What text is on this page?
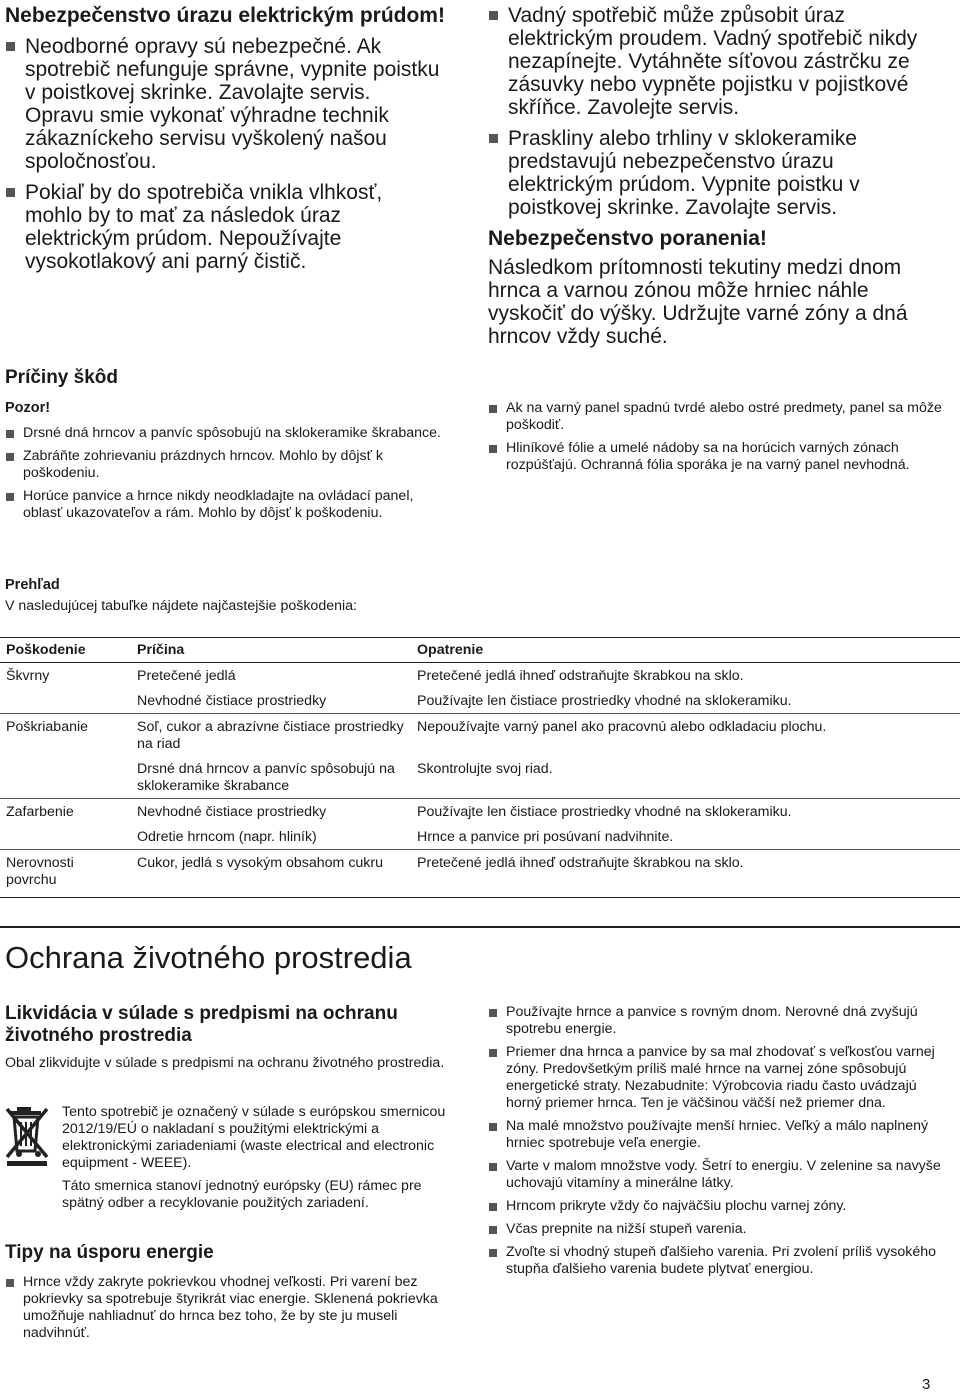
Nebezpečenstvo úrazu elektrickým prúdom!
Neodborné opravy sú nebezpečné. Ak spotrebič nefunguje správne, vypnite poistku v poistkovej skrinke. Zavolajte servis. Opravu smie vykonať výhradne technik zákazníckeho servisu vyškolený našou spoločnosťou.
Pokiaľ by do spotrebiča vnikla vlhkosť, mohlo by to mať za následok úraz elektrickým prúdom. Nepoužívajte vysokotlakový ani parný čistič.
Vadný spotřebič může způsobit úraz elektrickým proudem. Vadný spotřebič nikdy nezapínejte. Vytáhněte síťovou zástrčku ze zásuvky nebo vypněte pojistku v pojistkové skříňce. Zavolejte servis.
Praskliny alebo trhliny v sklokeramike predstavujú nebezpečenstvo úrazu elektrickým prúdom. Vypnite poistku v poistkovej skrinke. Zavolajte servis.
Nebezpečenstvo poranenia!

Následkom prítomnosti tekutiny medzi dnom hrnca a varnou zónou môže hrniec náhle vyskočiť do výšky. Udržujte varné zóny a dná hrncov vždy suché.

Príčiny škôd
Pozor!
Drsné dná hrncov a panvíc spôsobujú na sklokeramike škrabance.
Zabráňte zohrievaniu prázdnych hrncov. Mohlo by dôjsť k poškodeniu.
Horúce panvice a hrnce nikdy neodkladajte na ovládací panel, oblasť ukazovateľov a rám. Mohlo by dôjsť k poškodeniu.
Ak na varný panel spadnú tvrdé alebo ostré predmety, panel sa môže poškodiť.
Hliníkové fólie a umelé nádoby sa na horúcich varných zónach rozpúšťajú. Ochranná fólia sporáka je na varný panel nevhodná.
Prehľad

V nasledujúcej tabuľke nájdete najčastejšie poškodenia:

Poškodenie	Príčina	Opatrenie
Škvrny	Pretečené jedlá	Pretečené jedlá ihneď odstraňujte škrabkou na sklo.
	Nevhodné čistiace prostriedky	Používajte len čistiace prostriedky vhodné na sklokeramiku.
Poškriabanie	Soľ, cukor a abrazívne čistiace prostriedky na riad	Nepoužívajte varný panel ako pracovnú alebo odkladaciu plochu.
	Drsné dná hrncov a panvíc spôsobujú na sklokeramike škrabance	Skontrolujte svoj riad.
Zafarbenie	Nevhodné čistiace prostriedky	Používajte len čistiace prostriedky vhodné na sklokeramiku.
	Odretie hrncom (napr. hliník)	Hrnce a panvice pri posúvaní nadvihnite.
Nerovnosti povrchu	Cukor, jedlá s vysokým obsahom cukru	Pretečené jedlá ihneď odstraňujte škrabkou na sklo.
Ochrana životného prostredia
Likvidácia v súlade s predpismi na ochranu životného prostredia

Obal zlikvidujte v súlade s predpismi na ochranu životného prostredia.

Tento spotrebič je označený v súlade s európskou smernicou 2012/19/EÚ o nakladaní s použitými elektrickými a elektronickými zariadeniami (waste electrical and electronic equipment - WEEE).

Táto smernica stanoví jednotný európsky (EU) rámec pre spätný odber a recyklovanie použitých zariadení.

Tipy na úsporu energie
Hrnce vždy zakryte pokrievkou vhodnej veľkosti. Pri varení bez pokrievky sa spotrebuje štyrikrát viac energie. Sklenená pokrievka umožňuje nahliadnuť do hrnca bez toho, že by ste ju museli nadvihnúť.
Používajte hrnce a panvice s rovným dnom. Nerovné dná zvyšujú spotrebu energie.
Priemer dna hrnca a panvice by sa mal zhodovať s veľkosťou varnej zóny. Predovšetkým príliš malé hrnce na varnej zóne spôsobujú energetické straty. Nezabudnite: Výrobcovia riadu často uvádzajú horný priemer hrnca. Ten je väčšinou väčší než priemer dna.
Na malé množstvo používajte menší hrniec. Veľký a málo naplnený hrniec spotrebuje veľa energie.
Varte v malom množstve vody. Šetrí to energiu. V zelenine sa navyše uchovajú vitamíny a minerálne látky.
Hrncom prikryte vždy čo najväčšiu plochu varnej zóny.
Včas prepnite na nižší stupeň varenia.
Zvoľte si vhodný stupeň ďalšieho varenia. Pri zvolení príliš vysokého stupňa ďalšieho varenia budete plytvať energiou.
3
